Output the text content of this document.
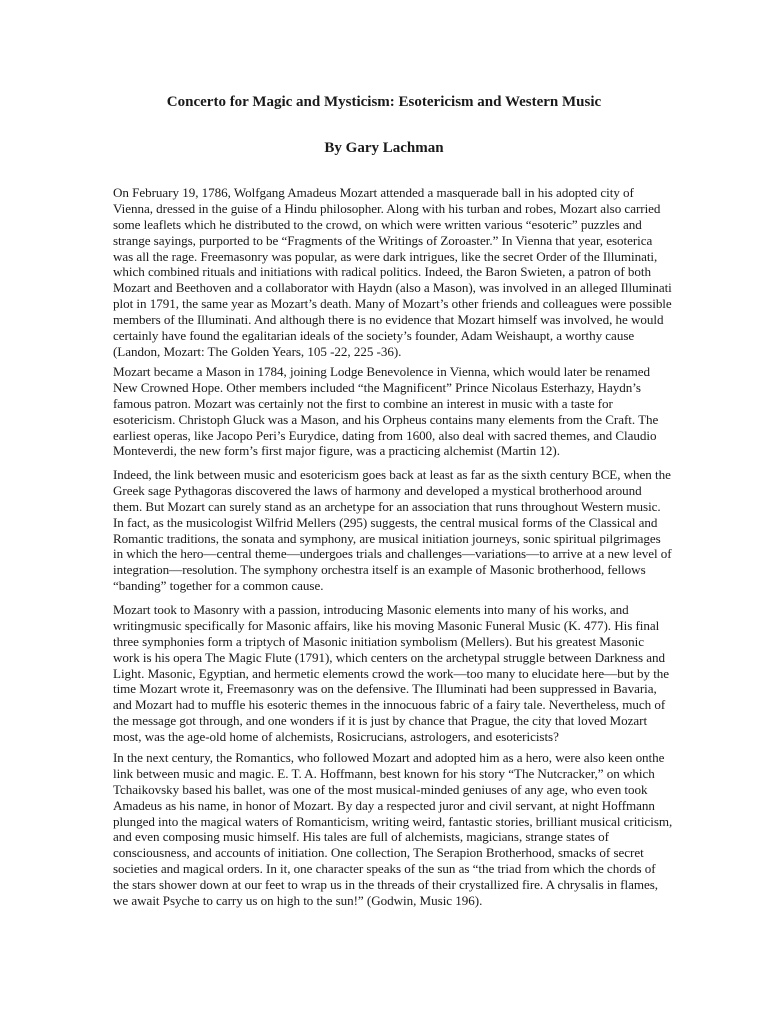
Concerto for Magic and Mysticism: Esotericism and Western Music
By Gary Lachman
On February 19, 1786, Wolfgang Amadeus Mozart attended a masquerade ball in his adopted city of
Vienna, dressed in the guise of a Hindu philosopher. Along with his turban and robes, Mozart also carried
some leaflets which he distributed to the crowd, on which were written various “esoteric” puzzles and
strange sayings, purported to be “Fragments of the Writings of Zoroaster.” In Vienna that year, esoterica
was all the rage. Freemasonry was popular, as were dark intrigues, like the secret Order of the Illuminati,
which combined rituals and initiations with radical politics. Indeed, the Baron Swieten, a patron of both
Mozart and Beethoven and a collaborator with Haydn (also a Mason), was involved in an alleged Illuminati
plot in 1791, the same year as Mozart’s death. Many of Mozart’s other friends and colleagues were possible
members of the Illuminati. And although there is no evidence that Mozart himself was involved, he would
certainly have found the egalitarian ideals of the society’s founder, Adam Weishaupt, a worthy cause
(Landon, Mozart: The Golden Years, 105 -22, 225 -36).
Mozart became a Mason in 1784, joining Lodge Benevolence in Vienna, which would later be renamed
New Crowned Hope. Other members included “the Magnificent” Prince Nicolaus Esterhazy, Haydn’s
famous patron. Mozart was certainly not the first to combine an interest in music with a taste for
esotericism. Christoph Gluck was a Mason, and his Orpheus contains many elements from the Craft. The
earliest operas, like Jacopo Peri’s Eurydice, dating from 1600, also deal with sacred themes, and Claudio
Monteverdi, the new form’s first major figure, was a practicing alchemist (Martin 12).
Indeed, the link between music and esotericism goes back at least as far as the sixth century BCE, when the
Greek sage Pythagoras discovered the laws of harmony and developed a mystical brotherhood around
them. But Mozart can surely stand as an archetype for an association that runs throughout Western music.
In fact, as the musicologist Wilfrid Mellers (295) suggests, the central musical forms of the Classical and
Romantic traditions, the sonata and symphony, are musical initiation journeys, sonic spiritual pilgrimages
in which the hero—central theme—undergoes trials and challenges—variations—to arrive at a new level of
integration—resolution. The symphony orchestra itself is an example of Masonic brotherhood, fellows
“banding” together for a common cause.
Mozart took to Masonry with a passion, introducing Masonic elements into many of his works, and
writingmusic specifically for Masonic affairs, like his moving Masonic Funeral Music (K. 477). His final
three symphonies form a triptych of Masonic initiation symbolism (Mellers). But his greatest Masonic
work is his opera The Magic Flute (1791), which centers on the archetypal struggle between Darkness and
Light. Masonic, Egyptian, and hermetic elements crowd the work—too many to elucidate here—but by the
time Mozart wrote it, Freemasonry was on the defensive. The Illuminati had been suppressed in Bavaria,
and Mozart had to muffle his esoteric themes in the innocuous fabric of a fairy tale. Nevertheless, much of
the message got through, and one wonders if it is just by chance that Prague, the city that loved Mozart
most, was the age-old home of alchemists, Rosicrucians, astrologers, and esotericists?
In the next century, the Romantics, who followed Mozart and adopted him as a hero, were also keen onthe
link between music and magic. E. T. A. Hoffmann, best known for his story “The Nutcracker,” on which
Tchaikovsky based his ballet, was one of the most musical-minded geniuses of any age, who even took
Amadeus as his name, in honor of Mozart. By day a respected juror and civil servant, at night Hoffmann
plunged into the magical waters of Romanticism, writing weird, fantastic stories, brilliant musical criticism,
and even composing music himself. His tales are full of alchemists, magicians, strange states of
consciousness, and accounts of initiation. One collection, The Serapion Brotherhood, smacks of secret
societies and magical orders. In it, one character speaks of the sun as “the triad from which the chords of
the stars shower down at our feet to wrap us in the threads of their crystallized fire. A chrysalis in flames,
we await Psyche to carry us on high to the sun!” (Godwin, Music 196).
